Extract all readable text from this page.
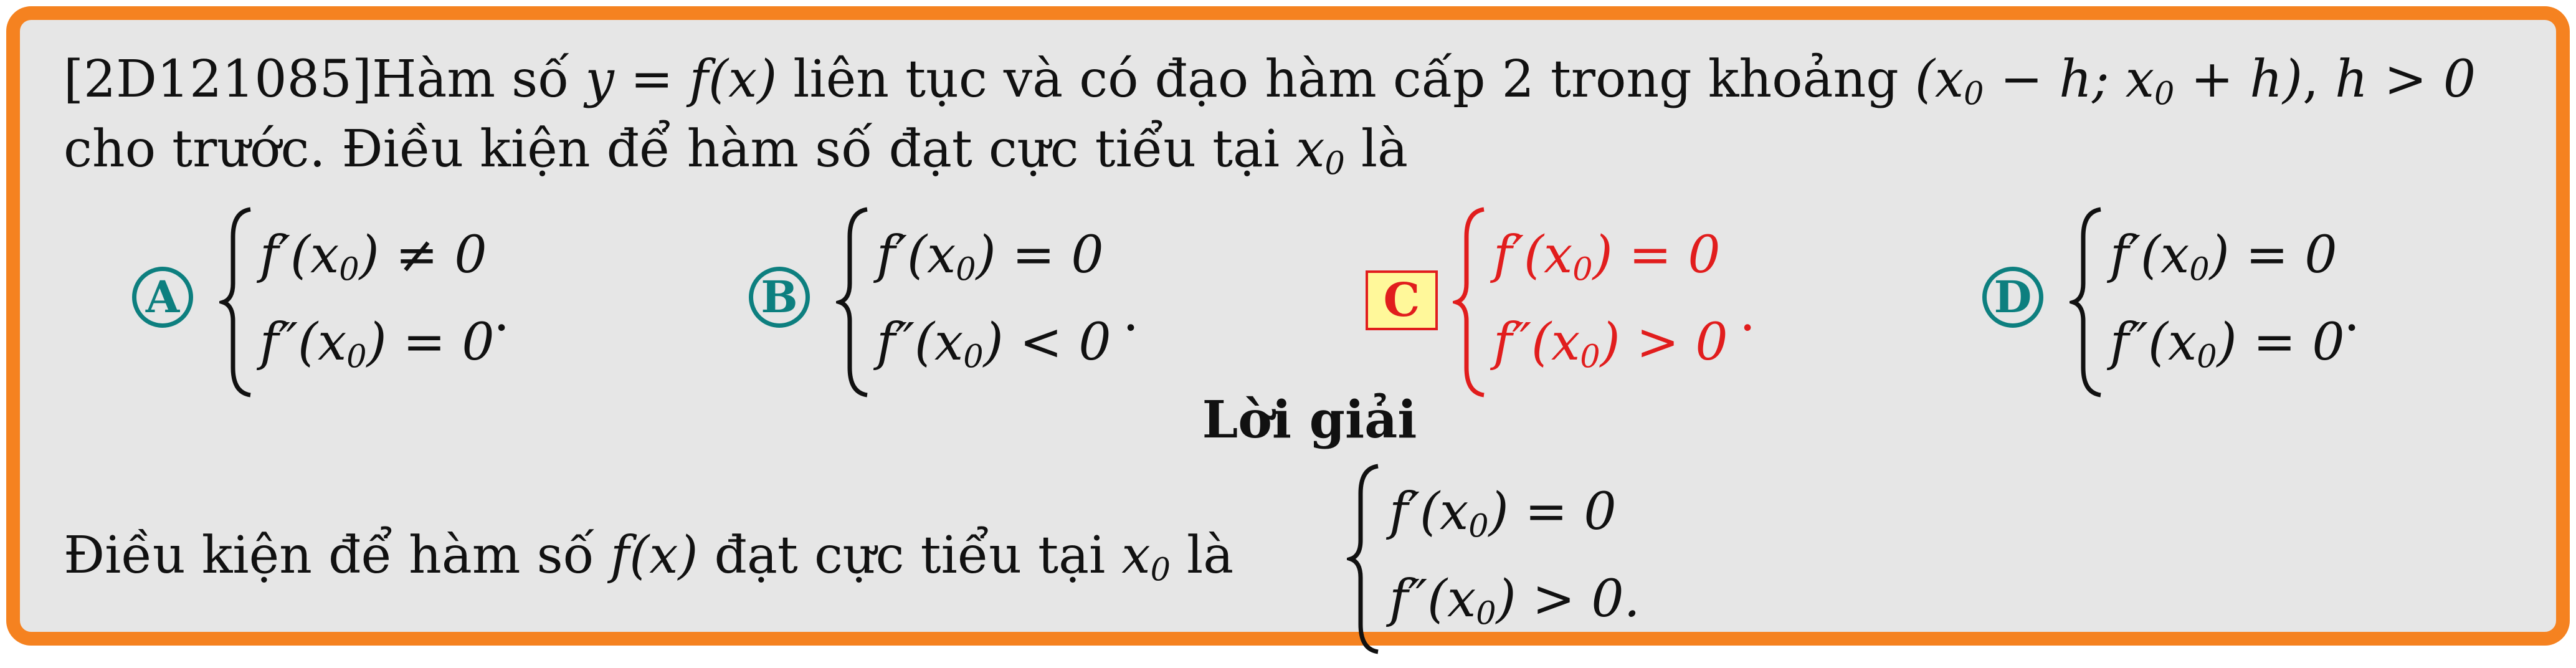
[2D121085]Hàm số y = f(x) liên tục và có đạo hàm cấp 2 trong khoảng ($x_0 - h$; $x_0 + h$), h > 0
cho trước. Điều kiện để hàm số đạt cực tiểu tại $x_0$ là
A
$f'(x_0) \ne 0$
$f''(x_0) = 0$
.	B
$f'(x_0) = 0$
$f''(x_0) < 0$ .	C
$f'(x_0) = 0$
$f''(x_0) > 0$ .	D
$f'(x_0) = 0$
$f''(x_0) = 0$
.
Lời giải
Điều kiện để hàm số f(x) đạt cực tiểu tại $x_0$ là
$f'(x_0) = 0$
$f''(x_0) > 0$.
